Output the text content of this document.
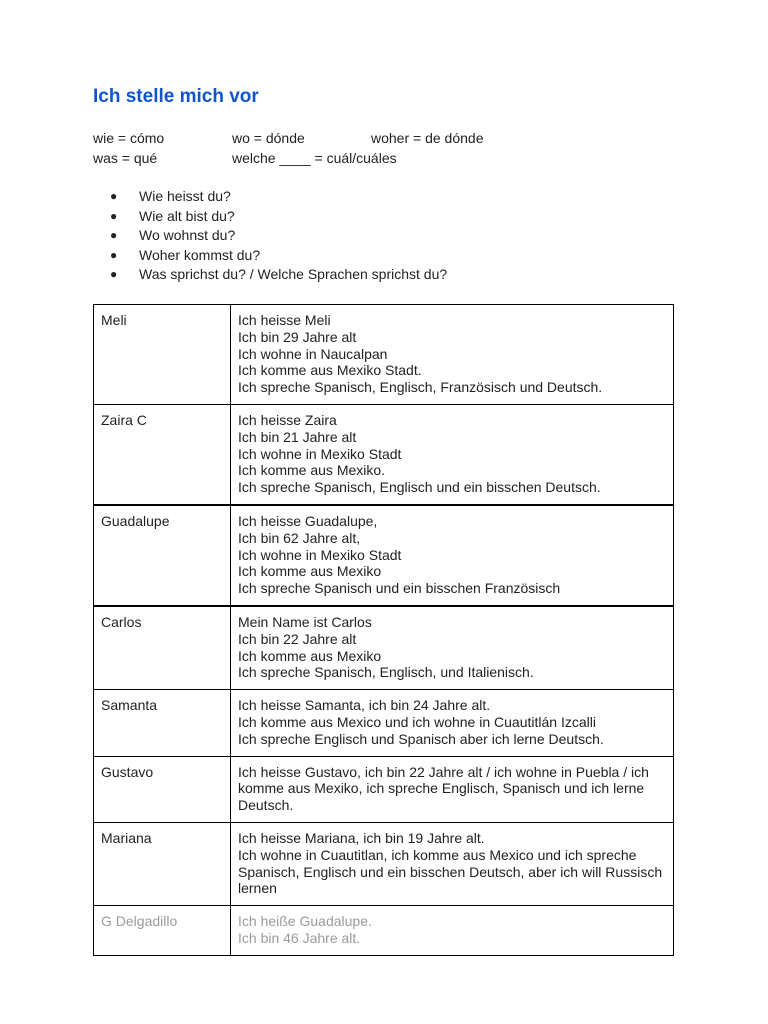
Ich stelle mich vor
wie = cómo	wo = dónde	woher = de dónde
was = qué	welche ____ = cuál/cuáles
● Wie heisst du?
● Wie alt bist du?
● Wo wohnst du?
● Woher kommst du?
● Was sprichst du? / Welche Sprachen sprichst du?
Meli	Ich heisse Meli
Ich bin 29 Jahre alt
Ich wohne in Naucalpan
Ich komme aus Mexiko Stadt.
Ich spreche Spanisch, Englisch, Französisch und Deutsch.

Zaira C	Ich heisse Zaira
Ich bin 21 Jahre alt
Ich wohne in Mexiko Stadt
Ich komme aus Mexiko.
Ich spreche Spanisch, Englisch und ein bisschen Deutsch.

Guadalupe	Ich heisse Guadalupe,
Ich bin 62 Jahre alt,
Ich wohne in Mexiko Stadt
Ich komme aus Mexiko
Ich spreche Spanisch und ein bisschen Französisch

Carlos	Mein Name ist Carlos
Ich bin 22 Jahre alt
Ich komme aus Mexiko
Ich spreche Spanisch, Englisch, und Italienisch.

Samanta	Ich heisse Samanta, ich bin 24 Jahre alt.
Ich komme aus Mexico und ich wohne in Cuautitlán Izcalli
Ich spreche Englisch und Spanisch aber ich lerne Deutsch.

Gustavo	Ich heisse Gustavo, ich bin 22 Jahre alt / ich wohne in Puebla / ich komme aus Mexiko, ich spreche Englisch, Spanisch und ich lerne Deutsch.

Mariana	Ich heisse Mariana, ich bin 19 Jahre alt.
Ich wohne in Cuautitlan, ich komme aus Mexico und ich spreche Spanisch, Englisch und ein bisschen Deutsch, aber ich will Russisch lernen

G Delgadillo	Ich heiße Guadalupe.
Ich bin 46 Jahre alt.
